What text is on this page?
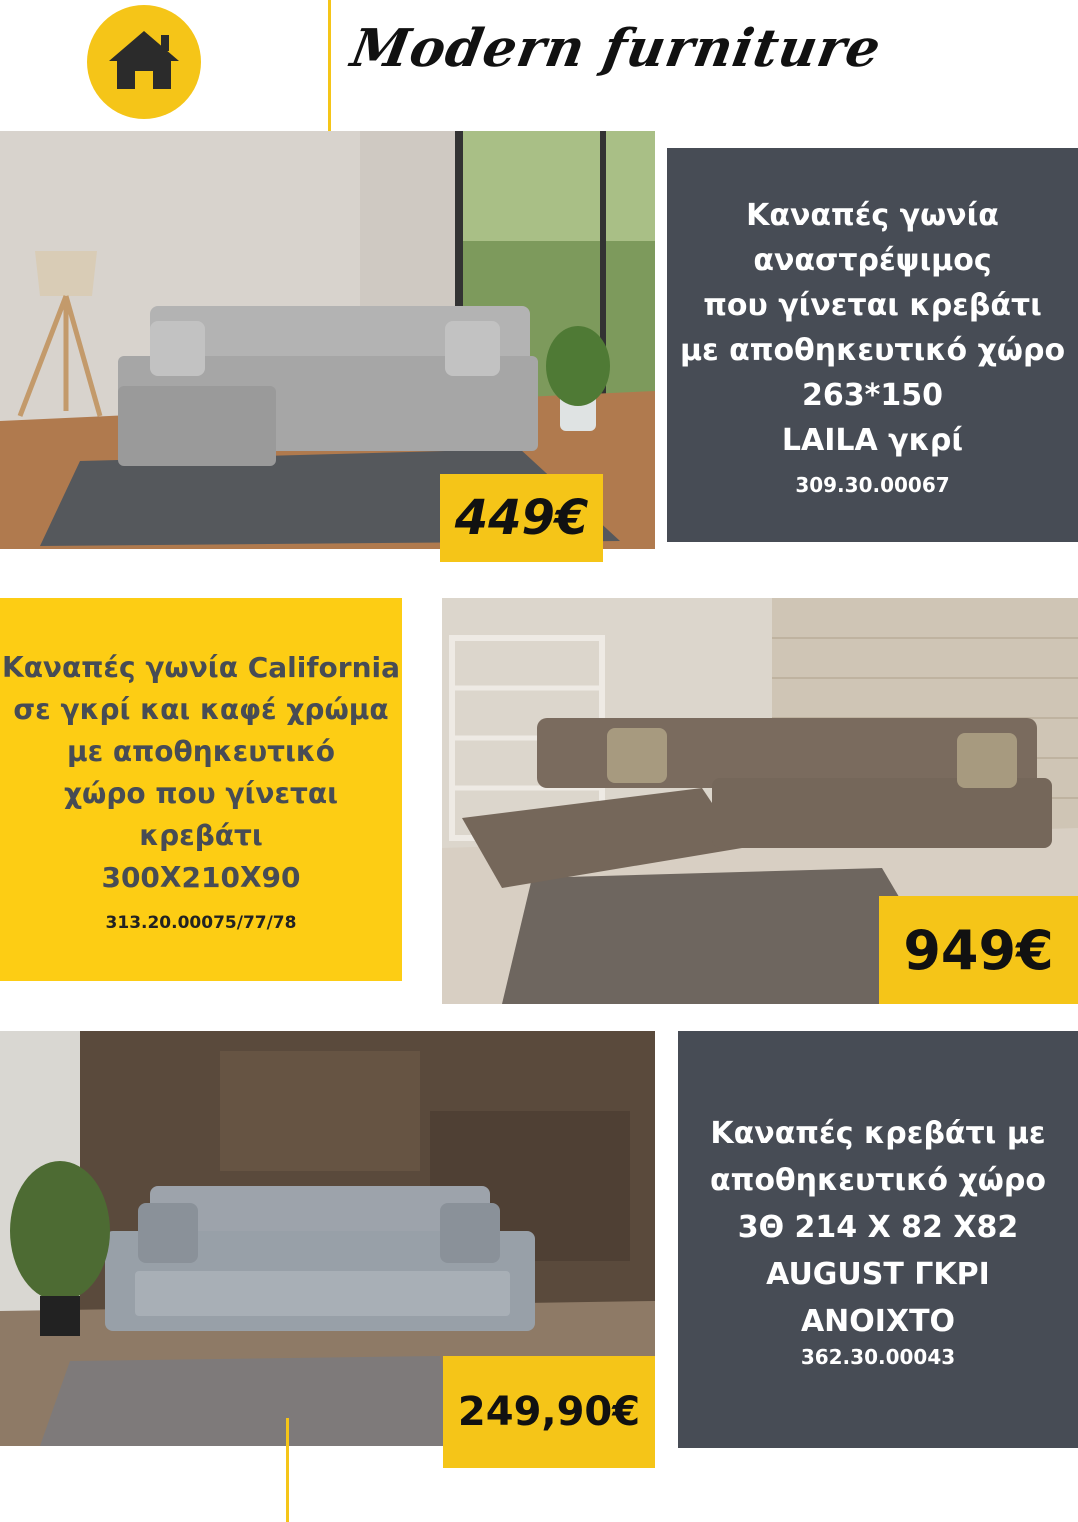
Modern furniture
449€
Καναπές γωνία
αναστρέψιμος
που γίνεται κρεβάτι
με αποθηκευτικό χώρο
263*150
LAILA γκρί
309.30.00067
Καναπές γωνία California
σε γκρί και καφέ χρώμα
με αποθηκευτικό
χώρο που γίνεται
κρεβάτι
300Χ210Χ90
313.20.00075/77/78	949€
249,90€
Καναπές κρεβάτι με
αποθηκευτικό χώρο
3Θ 214 Χ 82 Χ82
AUGUST ΓΚΡΙ
ΑΝΟΙΧΤΟ
362.30.00043
